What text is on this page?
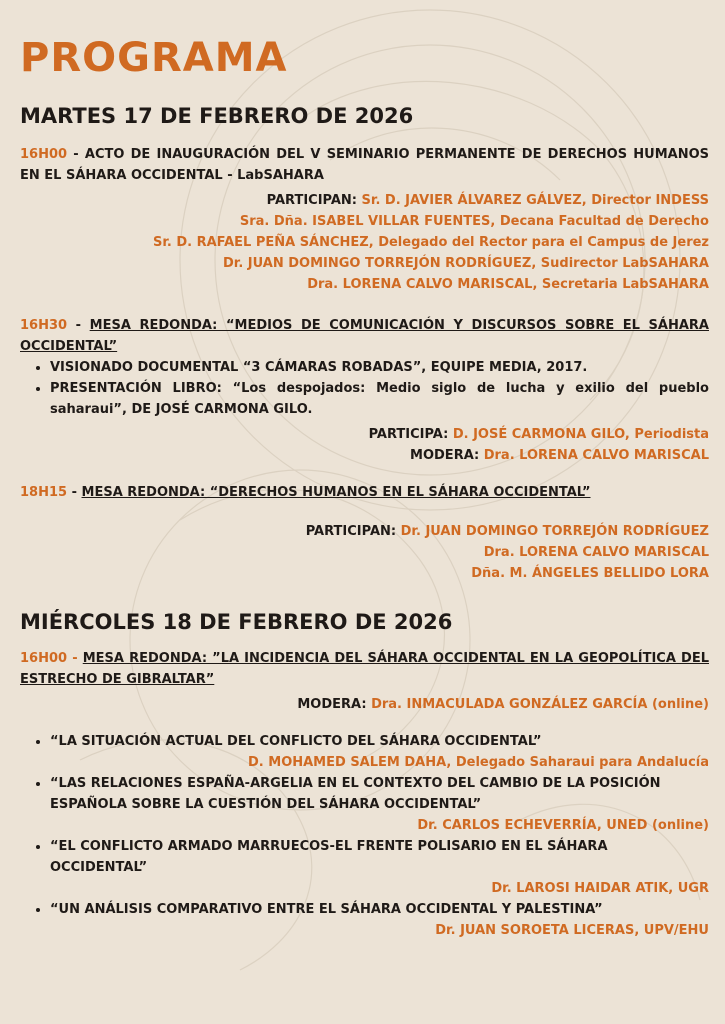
PROGRAMA
MARTES 17 DE FEBRERO DE 2026
16H00 - ACTO DE INAUGURACIÓN DEL V SEMINARIO PERMANENTE DE DERECHOS HUMANOS EN EL SÁHARA OCCIDENTAL - LabSAHARA
PARTICIPAN: Sr. D. JAVIER ÁLVAREZ GÁLVEZ, Director INDESS
Sra. Dña. ISABEL VILLAR FUENTES, Decana Facultad de Derecho
Sr. D. RAFAEL PEÑA SÁNCHEZ, Delegado del Rector para el Campus de Jerez
Dr. JUAN DOMINGO TORREJÓN RODRÍGUEZ, Sudirector LabSAHARA
Dra. LORENA CALVO MARISCAL, Secretaria LabSAHARA
16H30 - MESA REDONDA: “MEDIOS DE COMUNICACIÓN Y DISCURSOS SOBRE EL SÁHARA OCCIDENTAL”
• VISIONADO DOCUMENTAL “3 CÁMARAS ROBADAS”, EQUIPE MEDIA, 2017.
• PRESENTACIÓN LIBRO: “Los despojados: Medio siglo de lucha y exilio del pueblo saharaui”, DE JOSÉ CARMONA GILO.
PARTICIPA: D. JOSÉ CARMONA GILO, Periodista
MODERA: Dra. LORENA CALVO MARISCAL
18H15 - MESA REDONDA: “DERECHOS HUMANOS EN EL SÁHARA OCCIDENTAL”
PARTICIPAN: Dr. JUAN DOMINGO TORREJÓN RODRÍGUEZ
Dra. LORENA CALVO MARISCAL
Dña. M. ÁNGELES BELLIDO LORA
MIÉRCOLES 18 DE FEBRERO DE 2026
16H00 - MESA REDONDA: ”LA INCIDENCIA DEL SÁHARA OCCIDENTAL EN LA GEOPOLÍTICA DEL ESTRECHO DE GIBRALTAR”
MODERA: Dra. INMACULADA GONZÁLEZ GARCÍA (online)
• “LA SITUACIÓN ACTUAL DEL CONFLICTO DEL SÁHARA OCCIDENTAL”
D. MOHAMED SALEM DAHA, Delegado Saharaui para Andalucía
• “LAS RELACIONES ESPAÑA-ARGELIA EN EL CONTEXTO DEL CAMBIO DE LA POSICIÓN ESPAÑOLA SOBRE LA CUESTIÓN DEL SÁHARA OCCIDENTAL”
Dr. CARLOS ECHEVERRÍA, UNED (online)
• “EL CONFLICTO ARMADO MARRUECOS-EL FRENTE POLISARIO EN EL SÁHARA OCCIDENTAL”
Dr. LAROSI HAIDAR ATIK, UGR
• “UN ANÁLISIS COMPARATIVO ENTRE EL SÁHARA OCCIDENTAL Y PALESTINA”
Dr. JUAN SOROETA LICERAS, UPV/EHU
